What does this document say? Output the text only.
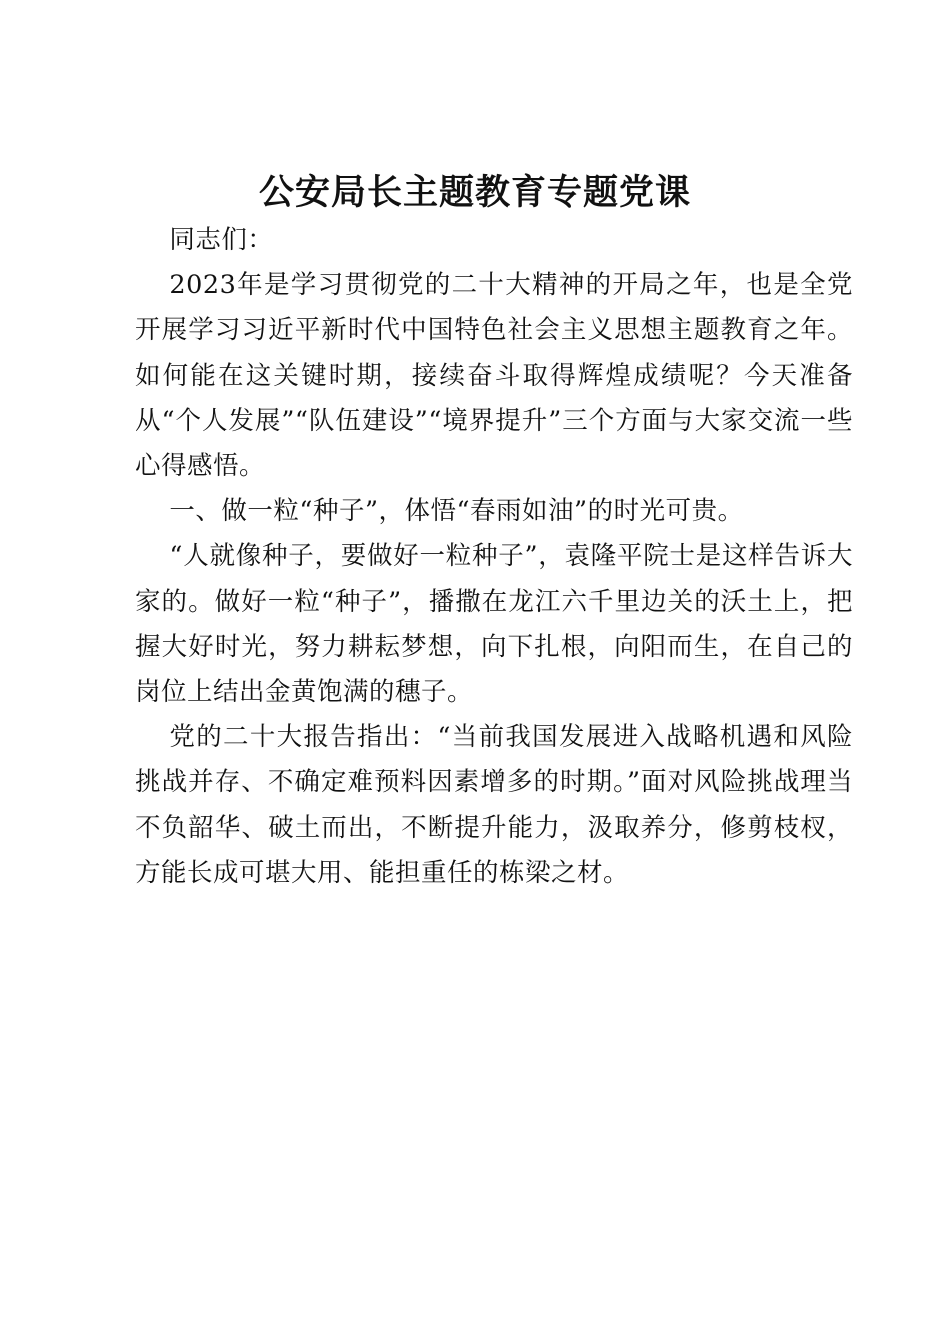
公安局长主题教育专题党课

同志们：

2023年是学习贯彻党的二十大精神的开局之年，也是全党开展学习习近平新时代中国特色社会主义思想主题教育之年。如何能在这关键时期，接续奋斗取得辉煌成绩呢？今天准备从“个人发展”“队伍建设”“境界提升”三个方面与大家交流一些心得感悟。

一、做一粒“种子”，体悟“春雨如油”的时光可贵。

“人就像种子，要做好一粒种子”，袁隆平院士是这样告诉大家的。做好一粒“种子”，播撒在龙江六千里边关的沃土上，把握大好时光，努力耕耘梦想，向下扎根，向阳而生，在自己的岗位上结出金黄饱满的穗子。

党的二十大报告指出：“当前我国发展进入战略机遇和风险挑战并存、不确定难预料因素增多的时期。”面对风险挑战理当不负韶华、破土而出，不断提升能力，汲取养分，修剪枝杈，方能长成可堪大用、能担重任的栋梁之材。
